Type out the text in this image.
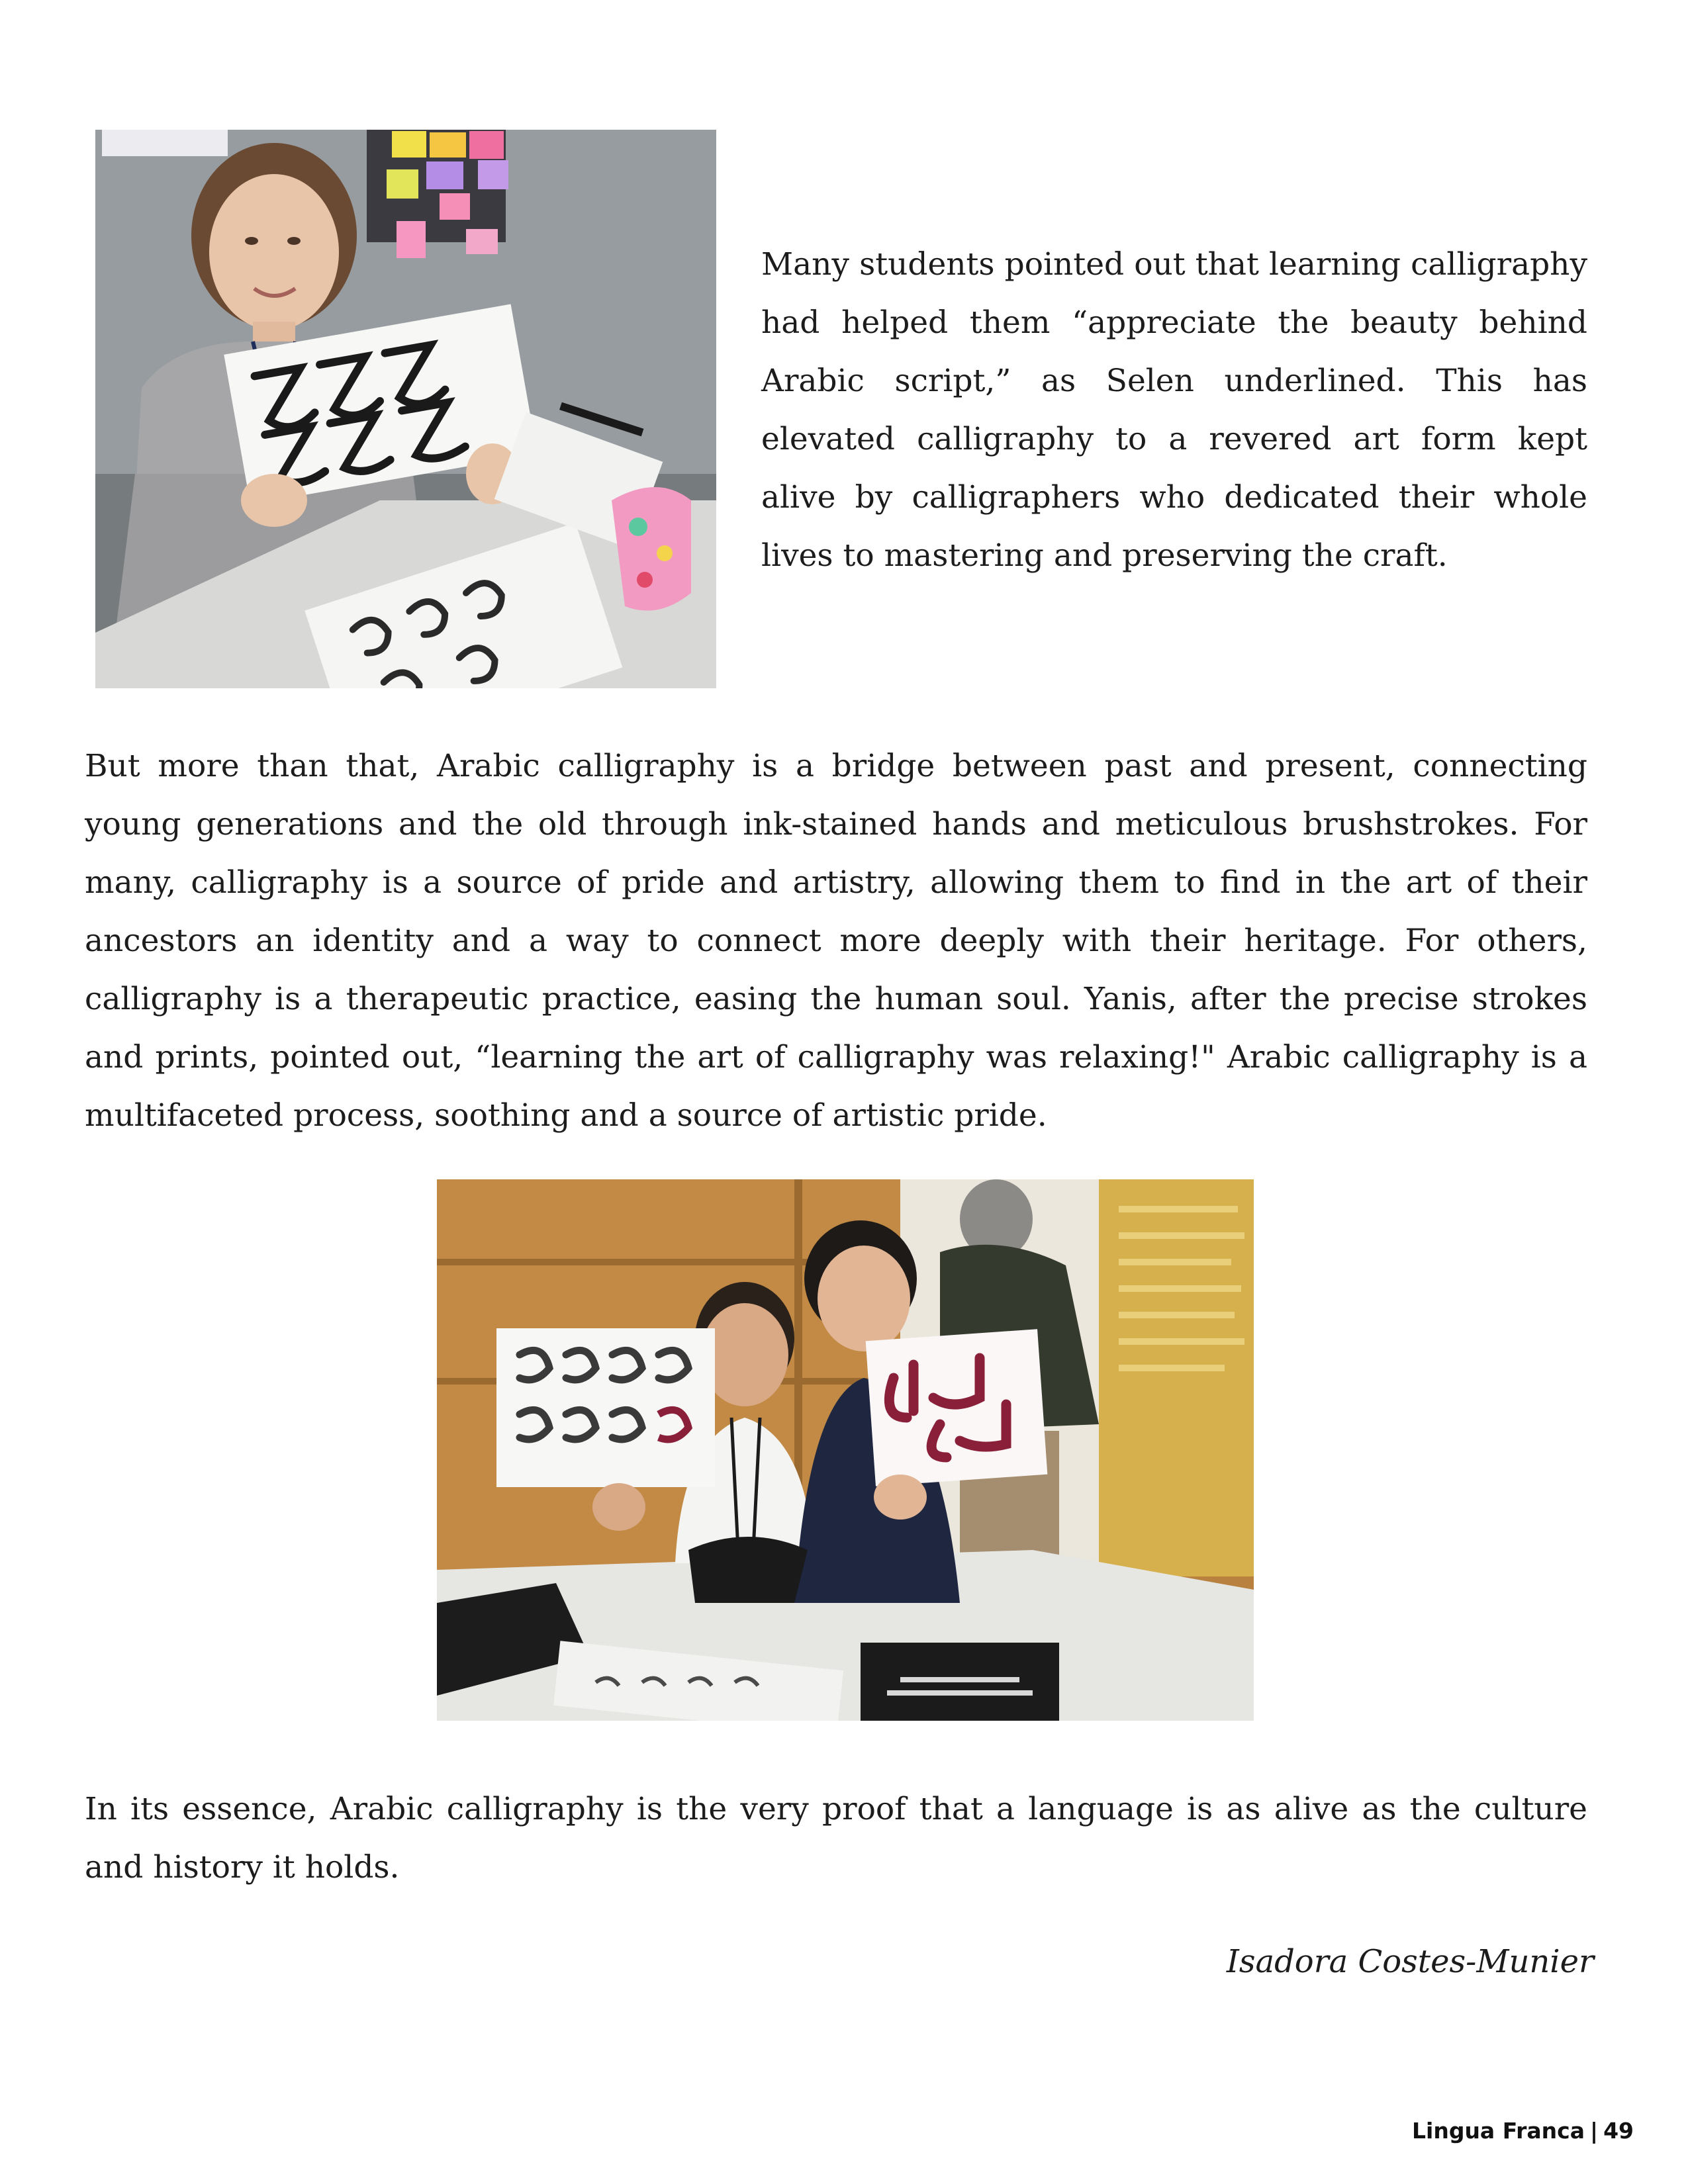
Many students pointed out that learning calligraphy had helped them “appreciate the beauty behind Arabic script,” as Selen underlined. This has elevated calligraphy to a revered art form kept alive by calligraphers who dedicated their whole lives to mastering and preserving the craft.

But more than that, Arabic calligraphy is a bridge between past and present, connecting young generations and the old through ink-stained hands and meticulous brushstrokes. For many, calligraphy is a source of pride and artistry, allowing them to find in the art of their ancestors an identity and a way to connect more deeply with their heritage. For others, calligraphy is a therapeutic practice, easing the human soul. Yanis, after the precise strokes and prints, pointed out, “learning the art of calligraphy was relaxing!" Arabic calligraphy is a multifaceted process, soothing and a source of artistic pride.

In its essence, Arabic calligraphy is the very proof that a language is as alive as the culture and history it holds.

Isadora Costes-Munier

Lingua Franca | 49
